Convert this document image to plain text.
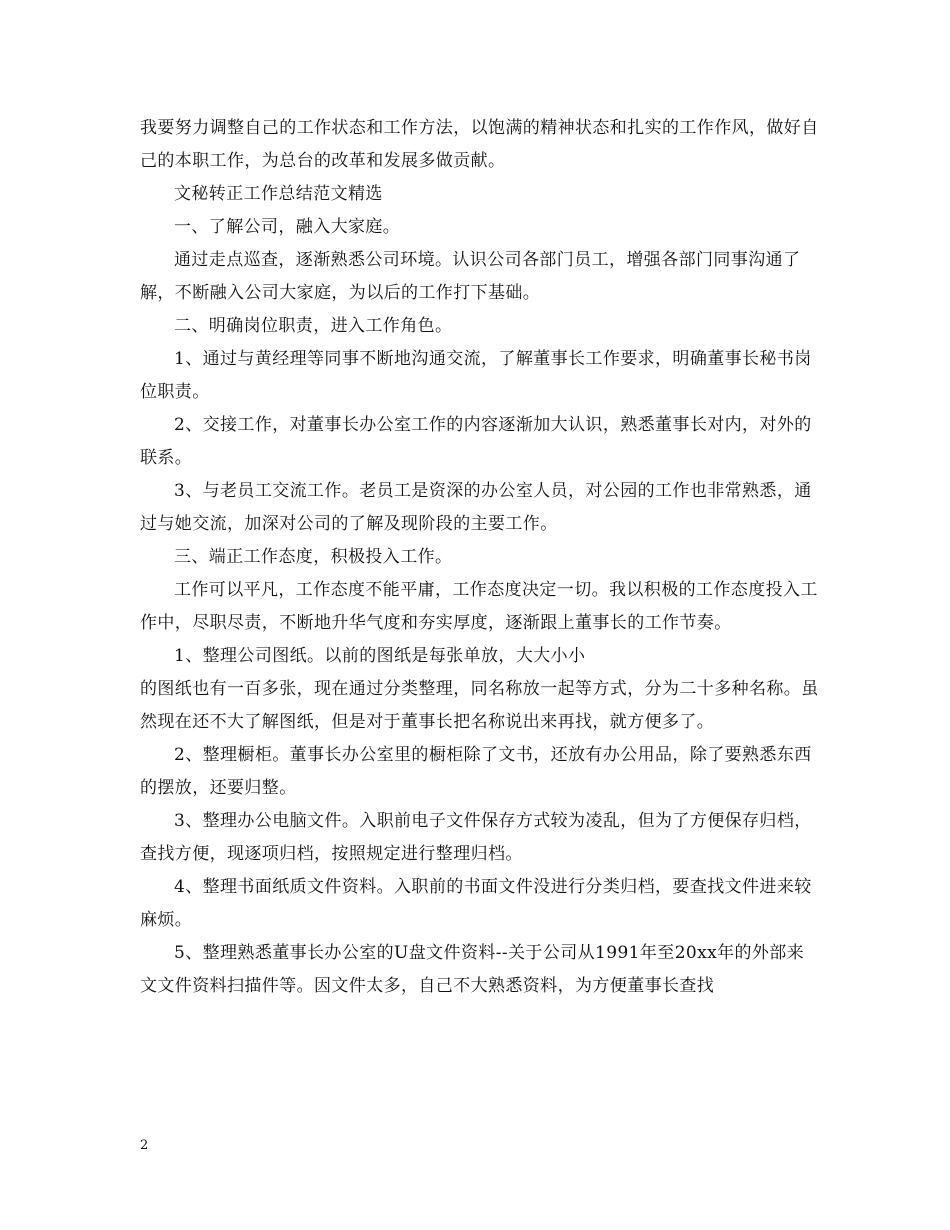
我要努力调整自己的工作状态和工作方法，以饱满的精神状态和扎实的工作作风，做好自己的本职工作，为总台的改革和发展多做贡献。

文秘转正工作总结范文精选

一、了解公司，融入大家庭。

通过走点巡查，逐渐熟悉公司环境。认识公司各部门员工，增强各部门同事沟通了解，不断融入公司大家庭，为以后的工作打下基础。

二、明确岗位职责，进入工作角色。

1、通过与黄经理等同事不断地沟通交流，了解董事长工作要求，明确董事长秘书岗位职责。

2、交接工作，对董事长办公室工作的内容逐渐加大认识，熟悉董事长对内，对外的联系。

3、与老员工交流工作。老员工是资深的办公室人员，对公园的工作也非常熟悉，通过与她交流，加深对公司的了解及现阶段的主要工作。

三、端正工作态度，积极投入工作。

工作可以平凡，工作态度不能平庸，工作态度决定一切。我以积极的工作态度投入工作中，尽职尽责，不断地升华气度和夯实厚度，逐渐跟上董事长的工作节奏。

1、整理公司图纸。以前的图纸是每张单放，大大小小

的图纸也有一百多张，现在通过分类整理，同名称放一起等方式，分为二十多种名称。虽然现在还不大了解图纸，但是对于董事长把名称说出来再找，就方便多了。

2、整理橱柜。董事长办公室里的橱柜除了文书，还放有办公用品，除了要熟悉东西的摆放，还要归整。

3、整理办公电脑文件。入职前电子文件保存方式较为凌乱，但为了方便保存归档，查找方便，现逐项归档，按照规定进行整理归档。

4、整理书面纸质文件资料。入职前的书面文件没进行分类归档，要查找文件进来较麻烦。

5、整理熟悉董事长办公室的U盘文件资料--关于公司从1991年至20xx年的外部来文文件资料扫描件等。因文件太多，自己不大熟悉资料，为方便董事长查找

2
